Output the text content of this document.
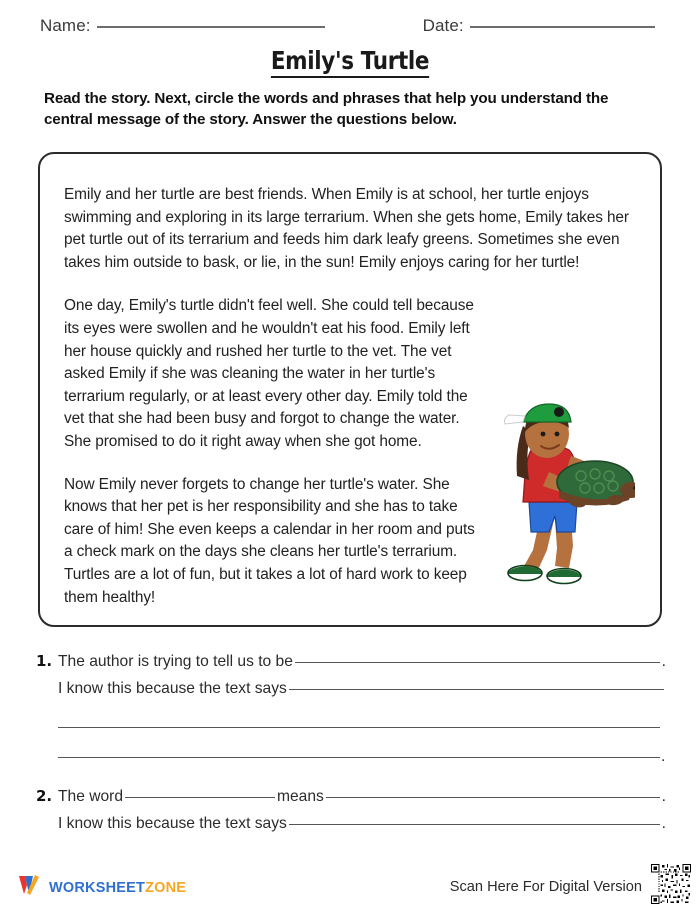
Name:	Date:
Emily's Turtle
Read the story. Next, circle the words and phrases that help you understand the central message of the story. Answer the questions below.

Emily and her turtle are best friends. When Emily is at school, her turtle enjoys swimming and exploring in its large terrarium. When she gets home, Emily takes her pet turtle out of its terrarium and feeds him dark leafy greens. Sometimes she even takes him outside to bask, or lie, in the sun! Emily enjoys caring for her turtle!

One day, Emily's turtle didn't feel well. She could tell because its eyes were swollen and he wouldn't eat his food. Emily left her house quickly and rushed her turtle to the vet. The vet asked Emily if she was cleaning the water in her turtle's terrarium regularly, or at least every other day. Emily told the vet that she had been busy and forgot to change the water. She promised to do it right away when she got home.

Now Emily never forgets to change her turtle's water. She knows that her pet is her responsibility and she has to take care of him! She even keeps a calendar in her room and puts a check mark on the days she cleans her turtle's terrarium. Turtles are a lot of fun, but it takes a lot of hard work to keep them healthy!

1. The author is trying to tell us to be	.
I know this because the text says
.
2. The word	means	.
I know this because the text says	.
WORKSHEETZONE	Scan Here For Digital Version
